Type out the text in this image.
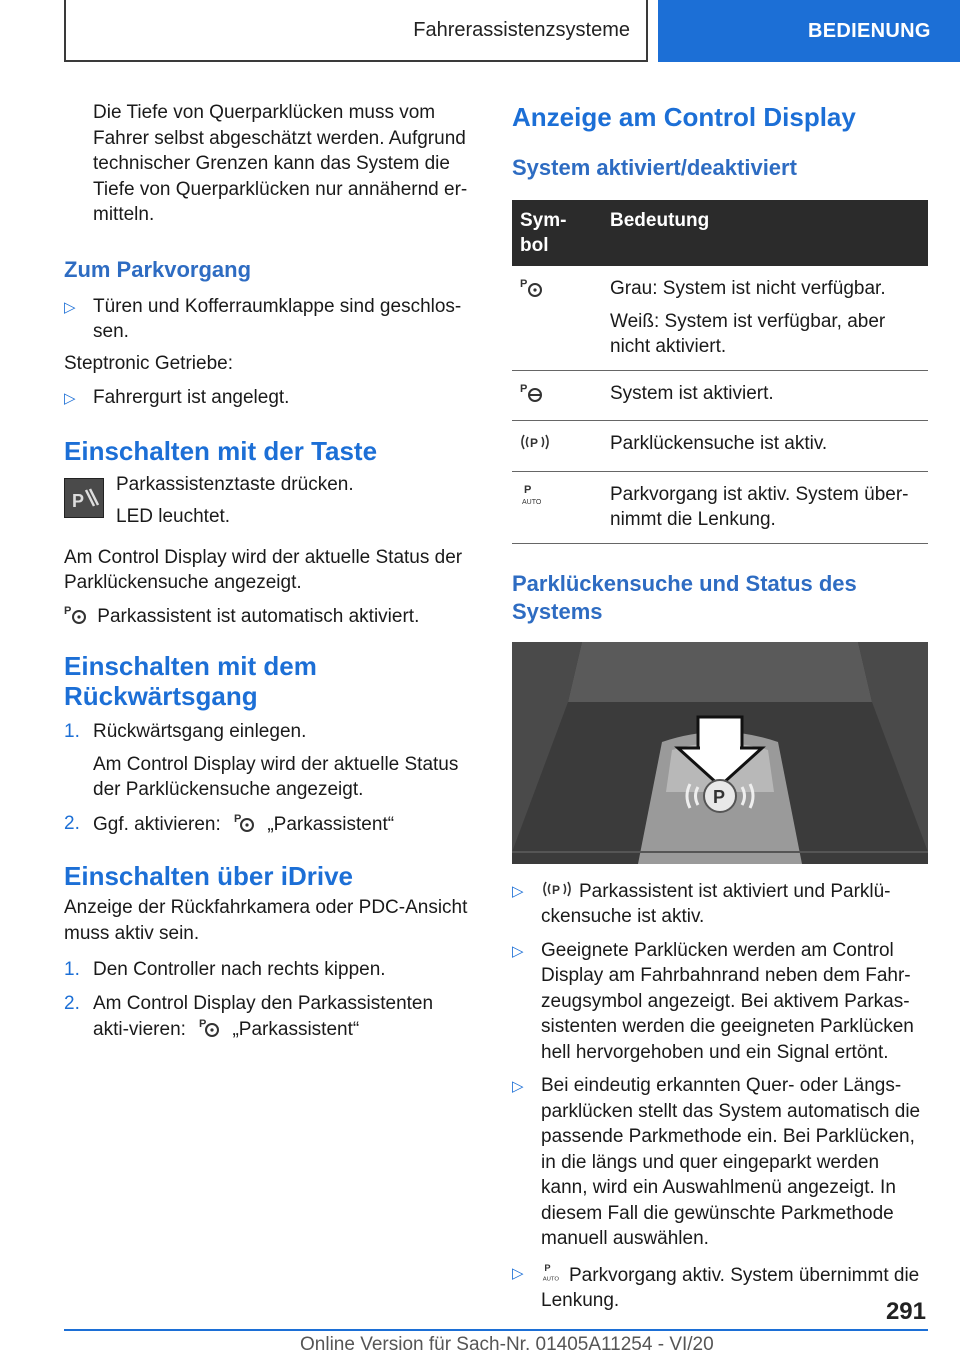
Fahrerassistenzsysteme	BEDIENUNG

Die Tiefe von Querparklücken muss vom Fahrer selbst abgeschätzt werden. Aufgrund technischer Grenzen kann das System die Tiefe von Querparklücken nur annähernd er-mitteln.

Zum Parkvorgang

▷ Türen und Kofferraumklappe sind geschlos-sen.

Steptronic Getriebe:

▷ Fahrergurt ist angelegt.

Einschalten mit der Taste

P

Parkassistenztaste drücken.

LED leuchtet.

Am Control Display wird der aktuelle Status der Parklückensuche angezeigt.

P Parkassistent ist automatisch aktiviert.

Einschalten mit dem

Rückwärtsgang

1. Rückwärtsgang einlegen.

Am Control Display wird der aktuelle Status der Parklückensuche angezeigt.

2. Ggf. aktivieren: P „Parkassistent“

Einschalten über iDrive

Anzeige der Rückfahrkamera oder PDC-Ansicht muss aktiv sein.

1. Den Controller nach rechts kippen.
2. Am Control Display den Parkassistenten akti-vieren: P „Parkassistent“

Anzeige am Control Display

System aktiviert/deaktiviert

Sym-bol	Bedeutung

P	Grau: System ist nicht verfügbar.
Weiß: System ist verfügbar, aber nicht aktiviert.

P	System ist aktiviert.

P	Parklückensuche ist aktiv.

P
AUTO	Parkvorgang ist aktiv. System über-nimmt die Lenkung.

Parklückensuche und Status des Systems

P
▷	P Parkassistent ist aktiviert und Parklü-ckensuche ist aktiv.
▷ Geeignete Parklücken werden am Control Display am Fahrbahnrand neben dem Fahr-zeugsymbol angezeigt. Bei aktivem Parkas-sistenten werden die geeigneten Parklücken hell hervorgehoben und ein Signal ertönt.
▷ Bei eindeutig erkannten Quer- oder Längs-parklücken stellt das System automatisch die passende Parkmethode ein. Bei Parklücken, in die längs und quer eingeparkt werden kann, wird ein Auswahlmenü angezeigt. In diesem Fall die gewünschte Parkmethode manuell auswählen.
▷	P
AUTO Parkvorgang aktiv. System übernimmt die Lenkung.	291
Online Version für Sach-Nr. 01405A11254 - VI/20
